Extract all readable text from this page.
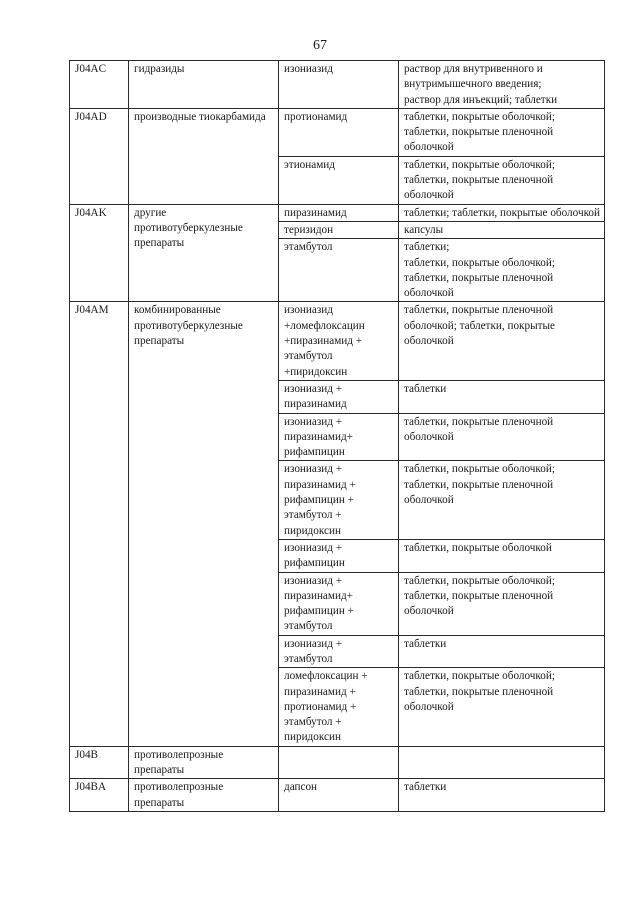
67
J04AC	гидразиды	изониазид	раствор для внутривенного и внутримышечного введения;
раствор для инъекций; таблетки
J04AD	производные тиокарбамида	протионамид	таблетки, покрытые оболочкой;
таблетки, покрытые пленочной оболочкой
		этионамид	таблетки, покрытые оболочкой;
таблетки, покрытые пленочной оболочкой
J04AK	другие противотуберкулезные препараты	пиразинамид	таблетки; таблетки, покрытые оболочкой
		теризидон	капсулы
		этамбутол	таблетки;
таблетки, покрытые оболочкой;
таблетки, покрытые пленочной оболочкой
J04AM	комбинированные противотуберкулезные препараты	изониазид
+ломефлоксацин
+пиразинамид +
этамбутол
+пиридоксин	таблетки, покрытые пленочной оболочкой; таблетки, покрытые оболочкой
		изониазид +
пиразинамид	таблетки
		изониазид +
пиразинамид+
рифампицин	таблетки, покрытые пленочной оболочкой
		изониазид +
пиразинамид +
рифампицин +
этамбутол +
пиридоксин	таблетки, покрытые оболочкой;
таблетки, покрытые пленочной оболочкой
		изониазид +
рифампицин	таблетки, покрытые оболочкой
		изониазид +
пиразинамид+
рифампицин +
этамбутол	таблетки, покрытые оболочкой;
таблетки, покрытые пленочной оболочкой
		изониазид +
этамбутол	таблетки
		ломефлоксацин +
пиразинамид +
протионамид +
этамбутол +
пиридоксин	таблетки, покрытые оболочкой;
таблетки, покрытые пленочной оболочкой
J04B	противолепрозные препараты		
J04BA	противолепрозные препараты	дапсон	таблетки
